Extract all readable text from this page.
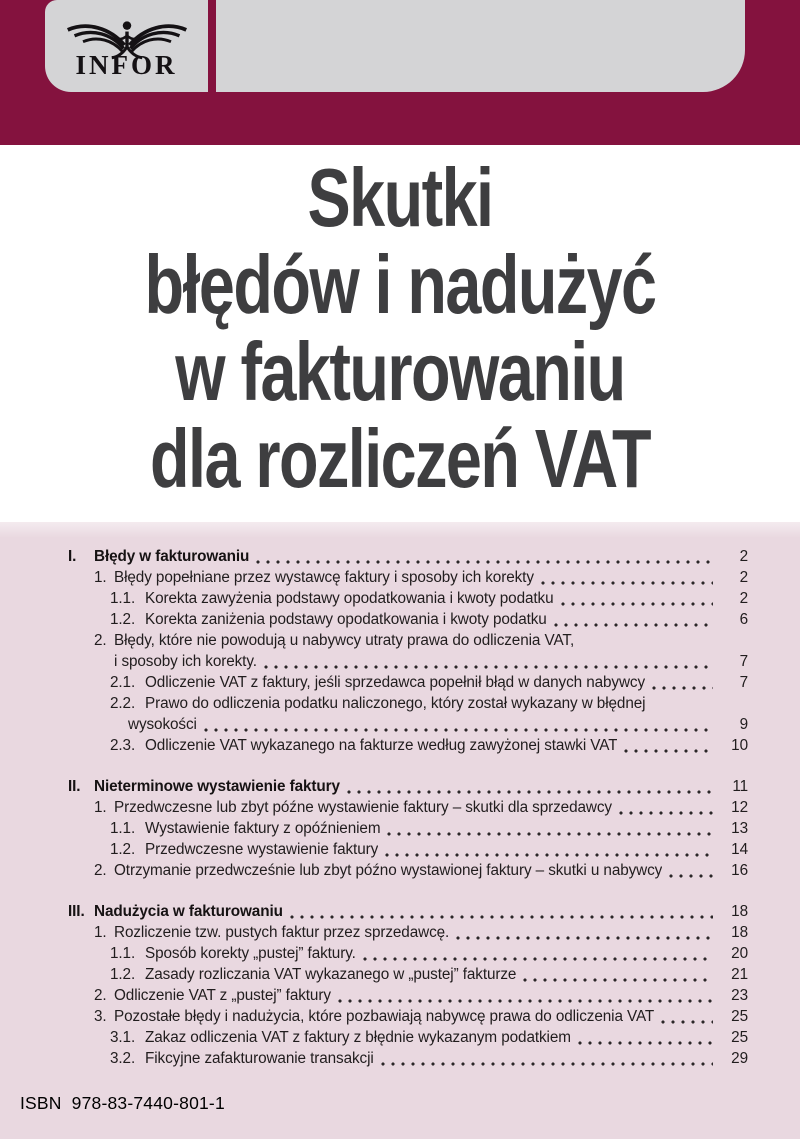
INFOR
Skutki
błędów i nadużyć
w fakturowaniu
dla rozliczeń VAT
I.	Błędy w fakturowaniu	2
1. Błędy popełniane przez wystawcę faktury i sposoby ich korekty	2
1.1. Korekta zawyżenia podstawy opodatkowania i kwoty podatku	2
1.2. Korekta zaniżenia podstawy opodatkowania i kwoty podatku	6
2. Błędy, które nie powodują u nabywcy utraty prawa do odliczenia VAT,
i sposoby ich korekty.	7
2.1. Odliczenie VAT z faktury, jeśli sprzedawca popełnił błąd w danych nabywcy	7
2.2. Prawo do odliczenia podatku naliczonego, który został wykazany w błędnej
wysokości	9
2.3. Odliczenie VAT wykazanego na fakturze według zawyżonej stawki VAT	10
II. Nieterminowe wystawienie faktury	11
1. Przedwczesne lub zbyt późne wystawienie faktury – skutki dla sprzedawcy	12
1.1. Wystawienie faktury z opóźnieniem	13
1.2. Przedwczesne wystawienie faktury	14
2. Otrzymanie przedwcześnie lub zbyt późno wystawionej faktury – skutki u nabywcy	16
III. Nadużycia w fakturowaniu	18
1. Rozliczenie tzw. pustych faktur przez sprzedawcę.	18
1.1. Sposób korekty „pustej” faktury.	20
1.2. Zasady rozliczania VAT wykazanego w „pustej” fakturze	21
2. Odliczenie VAT z „pustej” faktury	23
3. Pozostałe błędy i nadużycia, które pozbawiają nabywcę prawa do odliczenia VAT	25
3.1. Zakaz odliczenia VAT z faktury z błędnie wykazanym podatkiem	25
3.2. Fikcyjne zafakturowanie transakcji	29
ISBN 978-83-7440-801-1
